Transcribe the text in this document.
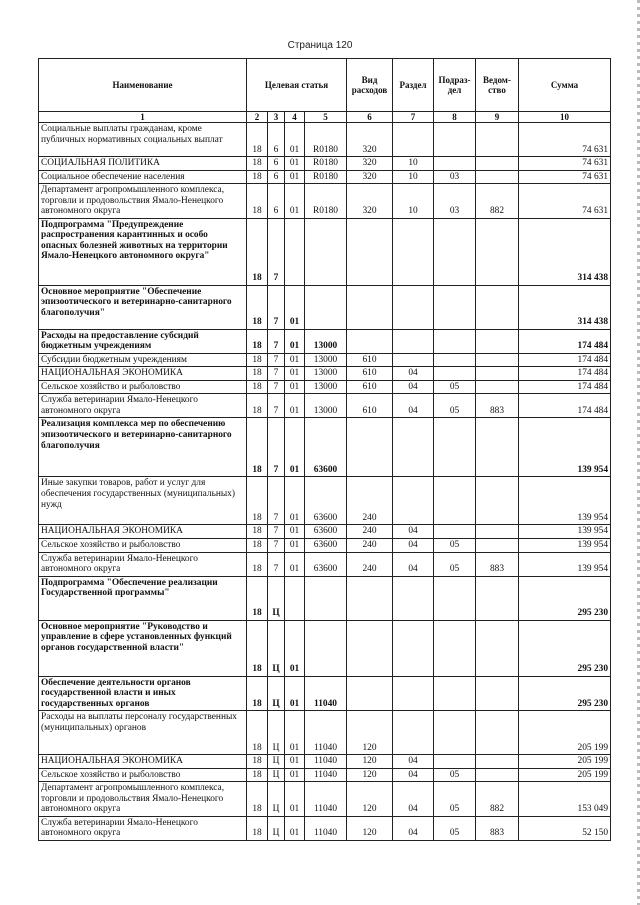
Страница 120
Наименование	Целевая статья				Вид расходов	Раздел	Подраз-дел	Ведом-ство	Сумма
1	2	3	4	5	6	7	8	9	10
Социальные выплаты гражданам, кроме публичных нормативных социальных выплат	18	6	01	R0180	320				74 631
СОЦИАЛЬНАЯ ПОЛИТИКА	18	6	01	R0180	320	10			74 631
Социальное обеспечение населения	18	6	01	R0180	320	10	03		74 631
Департамент агропромышленного комплекса, торговли и продовольствия Ямало-Ненецкого автономного округа	18	6	01	R0180	320	10	03	882	74 631
Подпрограмма "Предупреждение распространения карантинных и особо опасных болезней животных на территории Ямало-Ненецкого автономного округа"	18	7							314 438
Основное мероприятие "Обеспечение эпизоотического и ветеринарно-санитарного благополучия"	18	7	01						314 438
Расходы на предоставление субсидий бюджетным учреждениям	18	7	01	13000					174 484
Субсидии бюджетным учреждениям	18	7	01	13000	610				174 484
НАЦИОНАЛЬНАЯ ЭКОНОМИКА	18	7	01	13000	610	04			174 484
Сельское хозяйство и рыболовство	18	7	01	13000	610	04	05		174 484
Служба ветеринарии Ямало-Ненецкого автономного округа	18	7	01	13000	610	04	05	883	174 484
Реализация комплекса мер по обеспечению эпизоотического и ветеринарно-санитарного благополучия	18	7	01	63600					139 954
Иные закупки товаров, работ и услуг для обеспечения государственных (муниципальных) нужд	18	7	01	63600	240				139 954
НАЦИОНАЛЬНАЯ ЭКОНОМИКА	18	7	01	63600	240	04			139 954
Сельское хозяйство и рыболовство	18	7	01	63600	240	04	05		139 954
Служба ветеринарии Ямало-Ненецкого автономного округа	18	7	01	63600	240	04	05	883	139 954
Подпрограмма "Обеспечение реализации Государственной программы"	18	Ц							295 230
Основное мероприятие "Руководство и управление в сфере установленных функций органов государственной власти"	18	Ц	01						295 230
Обеспечение деятельности органов государственной власти и иных государственных органов	18	Ц	01	11040					295 230
Расходы на выплаты персоналу государственных (муниципальных) органов	18	Ц	01	11040	120				205 199
НАЦИОНАЛЬНАЯ ЭКОНОМИКА	18	Ц	01	11040	120	04			205 199
Сельское хозяйство и рыболовство	18	Ц	01	11040	120	04	05		205 199
Департамент агропромышленного комплекса, торговли и продовольствия Ямало-Ненецкого автономного округа	18	Ц	01	11040	120	04	05	882	153 049
Служба ветеринарии Ямало-Ненецкого автономного округа	18	Ц	01	11040	120	04	05	883	52 150
